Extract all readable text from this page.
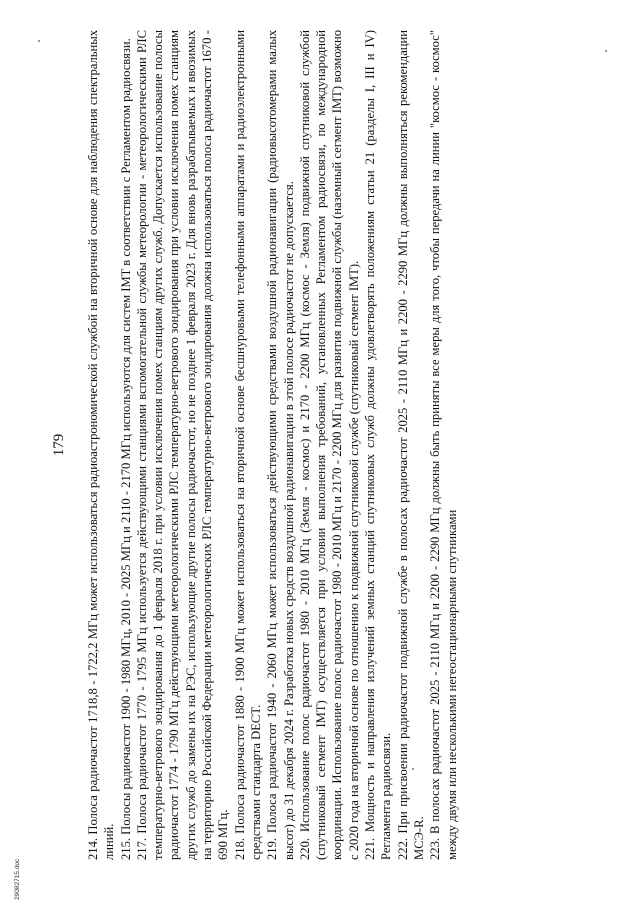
179 214. Полоса радиочастот 1718,8 - 1722,2 МГц может использоваться радиоастрономической службой на вторичной основе для наблюдения спектральных линий. 215. Полосы радиочастот 1900 - 1980 МГц, 2010 - 2025 МГц и 2110 - 2170 МГц используются для систем IMT в соответствии с Регламентом радиосвязи. 217. Полоса радиочастот 1770 - 1795 МГц используется действующими станциями вспомогательной службы метеорологии - метеорологическими РЛС температурно-ветрового зондирования до 1 февраля 2018 г. при условии исключения помех станциям других служб. Допускается использование полосы радиочастот 1774 - 1790 МГц действующими метеорологическими РЛС температурно-ветрового зондирования при условии исключения помех станциям других служб до замены их на РЭС, использующие другие полосы радиочастот, но не позднее 1 февраля 2023 г. Для вновь разрабатываемых и ввозимых на территорию Российской Федерации метеорологических РЛС температурно-ветрового зондирования должна использоваться полоса радиочастот 1670 - 690 МГц. 218. Полоса радиочастот 1880 - 1900 МГц может использоваться на вторичной основе бесшнуровыми телефонными аппаратами и радиоэлектронными средствами стандарта DECT. 219. Полоса радиочастот 1940 - 2060 МГц может использоваться действующими средствами воздушной радионавигации (радиовысотомерами малых высот) до 31 декабря 2024 г. Разработка новых средств воздушной радионавигации в этой полосе радиочастот не допускается. 220. Использование полос радиочастот 1980 - 2010 МГц (Земля - космос) и 2170 - 2200 МГц (космос - Земля) подвижной спутниковой службой (спутниковый сегмент IMT) осуществляется при условии выполнения требований, установленных Регламентом радиосвязи, по международной координации. Использование полос радиочастот 1980 - 2010 МГц и 2170 - 2200 МГц для развития подвижной службы (наземный сегмент IMT) возможно с 2020 года на вторичной основе по отношению к подвижной спутниковой службе (спутниковый сегмент IMT). 221. Мощность и направления излучений земных станций спутниковых служб должны удовлетворять положениям статьи 21 (разделы I, III и IV) Регламента радиосвязи. 222. При присвоении радиочастот подвижной службе в полосах радиочастот 2025 - 2110 МГц и 2200 - 2290 МГц должны выполняться рекомендации МСЭ-R. 223. В полосах радиочастот 2025 - 2110 МГц и 2200 - 2290 МГц должны быть приняты все меры для того, чтобы передачи на линии "космос - космос" между двумя или несколькими негеостационарными спутниками

29082715.doc
